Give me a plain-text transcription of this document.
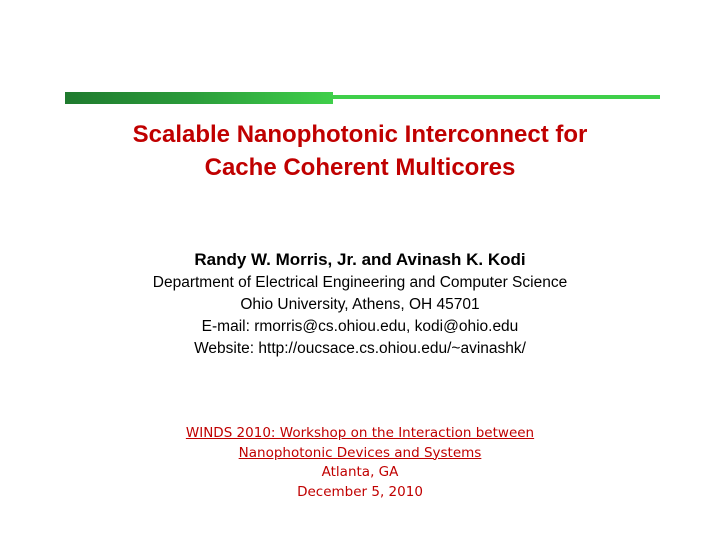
Scalable Nanophotonic Interconnect for
Cache Coherent Multicores
Randy W. Morris, Jr. and Avinash K. Kodi
Department of Electrical Engineering and Computer Science
Ohio University, Athens, OH 45701
E-mail: rmorris@cs.ohiou.edu, kodi@ohio.edu
Website: http://oucsace.cs.ohiou.edu/~avinashk/
WINDS 2010: Workshop on the Interaction between
Nanophotonic Devices and Systems
Atlanta, GA
December 5, 2010
